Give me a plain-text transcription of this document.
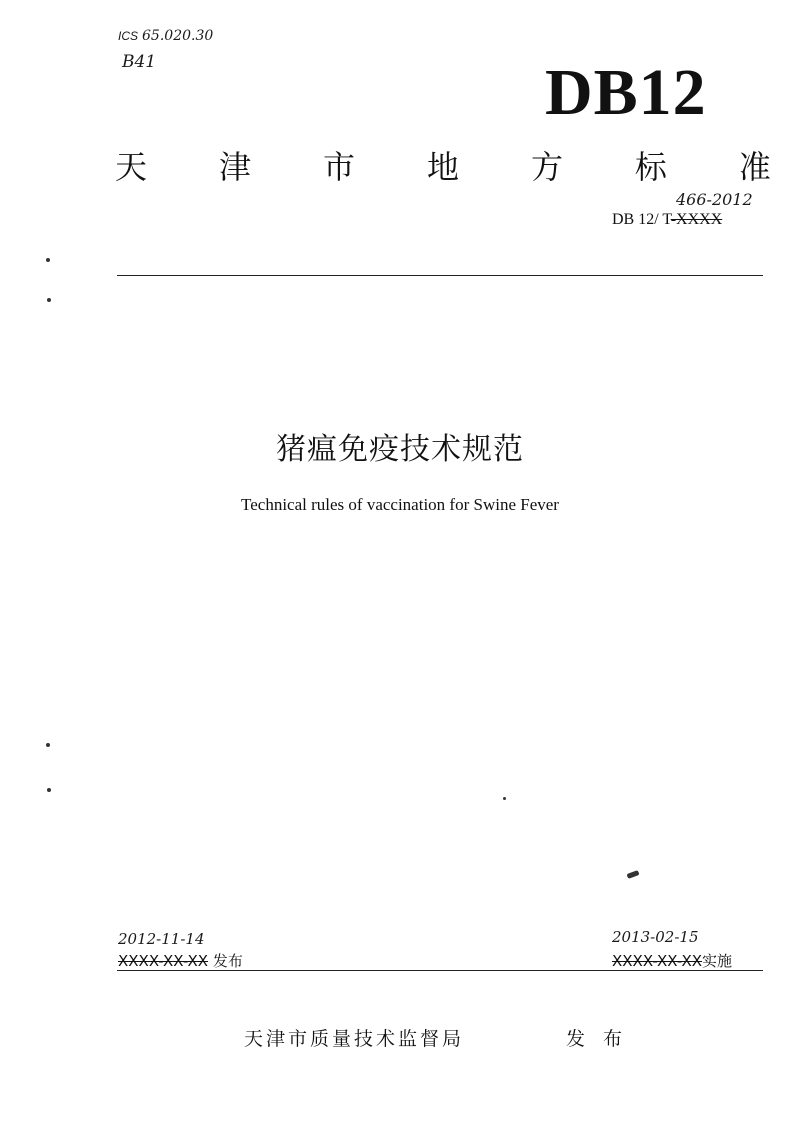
ICS 65.020.30
B41	DB12
天 津 市 地 方 标 准
466-2012
DB 12/ T-XXXX
猪瘟免疫技术规范
Technical rules of vaccination for Swine Fever
2012-11-14
XXXX-XX-XX 发布
2013-02-15
XXXX-XX-XX实施
天津市质量技术监督局	发 布
